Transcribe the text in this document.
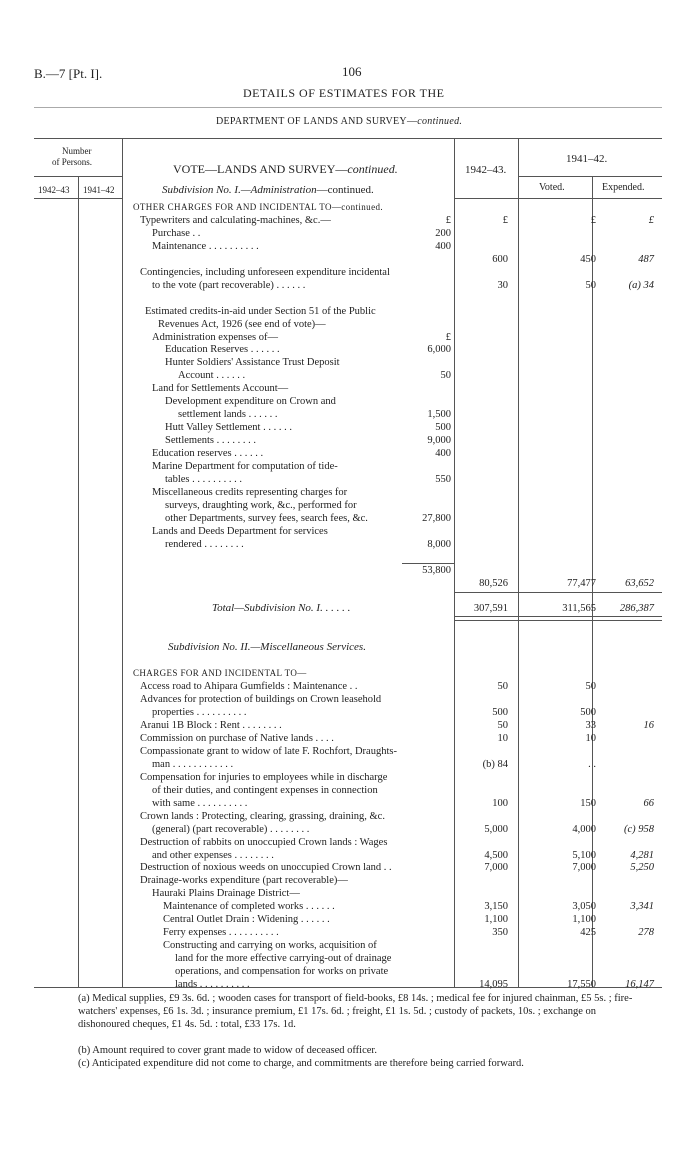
B.—7 [Pt. I].	106
DETAILS OF ESTIMATES FOR THE
DEPARTMENT OF LANDS AND SURVEY—continued.
Number
of Persons.
1942–43 1941–42
VOTE—LANDS AND SURVEY—continued.
Subdivision No. I.—Administration—continued.
1942–43.
1941–42.
Voted.	Expended.
OTHER CHARGES FOR AND INCIDENTAL TO—continued.
Typewriters and calculating-machines, &c.—	£	£	£	£
Purchase . .	200
Maintenance . . . . . . . . . .	400
600	450	487
Contingencies, including unforeseen expenditure incidental
to the vote (part recoverable) . . . . . .	30	50	(a) 34
Estimated credits-in-aid under Section 51 of the Public
Revenues Act, 1926 (see end of vote)—
Administration expenses of—	£
Education Reserves . . . . . .	6,000
Hunter Soldiers' Assistance Trust Deposit
Account . . . . . .	50
Land for Settlements Account—
Development expenditure on Crown and
settlement lands . . . . . .	1,500
Hutt Valley Settlement . . . . . .	500
Settlements . . . . . . . .	9,000
Education reserves . . . . . .	400
Marine Department for computation of tide-
tables . . . . . . . . . .	550
Miscellaneous credits representing charges for
surveys, draughting work, &c., performed for
other Departments, survey fees, search fees, &c.	27,800
Lands and Deeds Department for services
rendered . . . . . . . .	8,000
53,800
80,526	77,477	63,652
Total—Subdivision No. I. . . . . .	307,591	311,565 286,387
Subdivision No. II.—Miscellaneous Services.
CHARGES FOR AND INCIDENTAL TO—
Access road to Ahipara Gumfields : Maintenance . .	50	50
Advances for protection of buildings on Crown leasehold
properties . . . . . . . . . .	500	500
Aranui 1B Block : Rent . . . . . . . .	50	33	16
Commission on purchase of Native lands . . . .	10	10
Compassionate grant to widow of late F. Rochfort, Draughts-
man . . . . . . . . . . . .	(b) 84	. .
Compensation for injuries to employees while in discharge
of their duties, and contingent expenses in connection
with same . . . . . . . . . .	100	150	66
Crown lands : Protecting, clearing, grassing, draining, &c.
(general) (part recoverable) . . . . . . . .	5,000	4,000	(c) 958
Destruction of rabbits on unoccupied Crown lands : Wages
and other expenses . . . . . . . .	4,500	5,100	4,281
Destruction of noxious weeds on unoccupied Crown land . .	7,000	7,000	5,250
Drainage-works expenditure (part recoverable)—
Hauraki Plains Drainage District—
Maintenance of completed works . . . . . .	3,150	3,050	3,341
Central Outlet Drain : Widening . . . . . .	1,100	1,100
Ferry expenses . . . . . . . . . .	350	425	278
Constructing and carrying on works, acquisition of
land for the more effective carrying-out of drainage
operations, and compensation for works on private
lands . . . . . . . . . .	14,095	17,550	16,147
(a) Medical supplies, £9 3s. 6d. ; wooden cases for transport of field-books, £8 14s. ; medical fee for injured chainman, £5 5s. ; fire-watchers' expenses, £6 1s. 3d. ; insurance premium, £1 17s. 6d. ; freight, £1 1s. 5d. ; custody of packets, 10s. ; exchange on dishonoured cheques, £1 4s. 5d. : total, £33 17s. 1d.
(b) Amount required to cover grant made to widow of deceased officer.
(c) Anticipated expenditure did not come to charge, and commitments are therefore being carried forward.
